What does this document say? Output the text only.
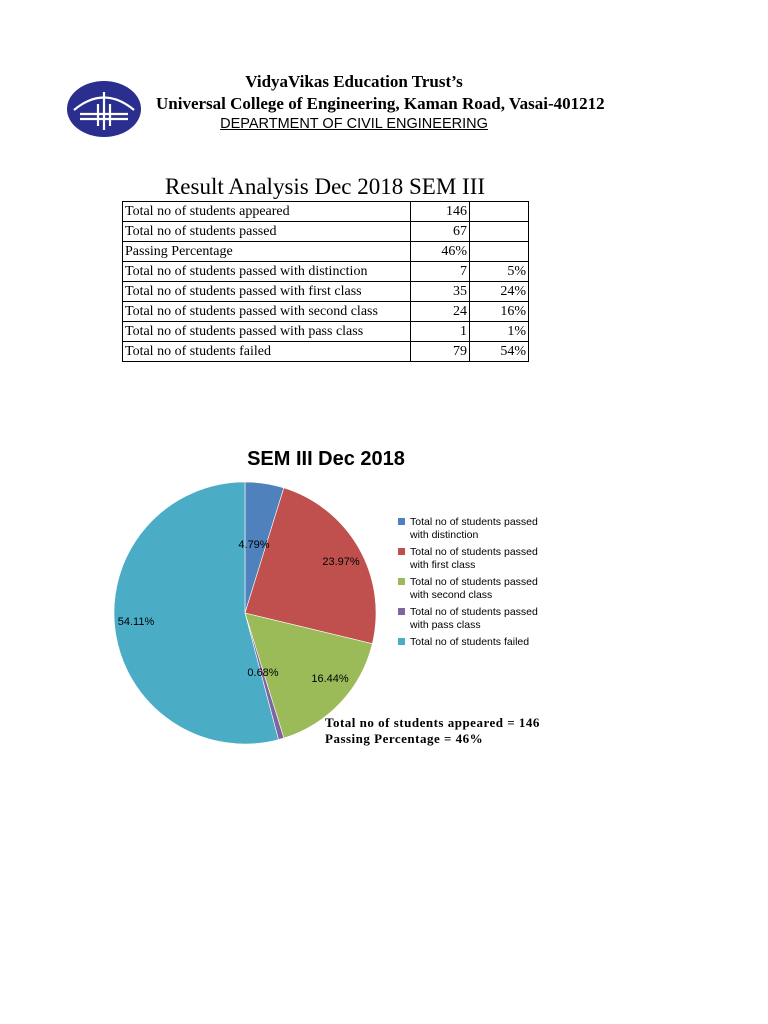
VidyaVikas Education Trust’s
Universal College of Engineering, Kaman Road, Vasai-401212
DEPARTMENT OF CIVIL ENGINEERING
Result Analysis Dec 2018 SEM III
Total no of students appeared	146	
Total no of students passed	67	
Passing Percentage	46%	
Total no of students passed with distinction	7	5%
Total no of students passed with first class	35	24%
Total no of students passed with second class	24	16%
Total no of students passed with pass class	1	1%
Total no of students failed	79	54%
SEM III Dec 2018
4.79%
23.97%
16.44%
0.68%
54.11%
Total no of students passed
with distinction
Total no of students passed
with first class
Total no of students passed
with second class
Total no of students passed
with pass class
Total no of students failed
Total no of students appeared = 146
Passing Percentage = 46%
